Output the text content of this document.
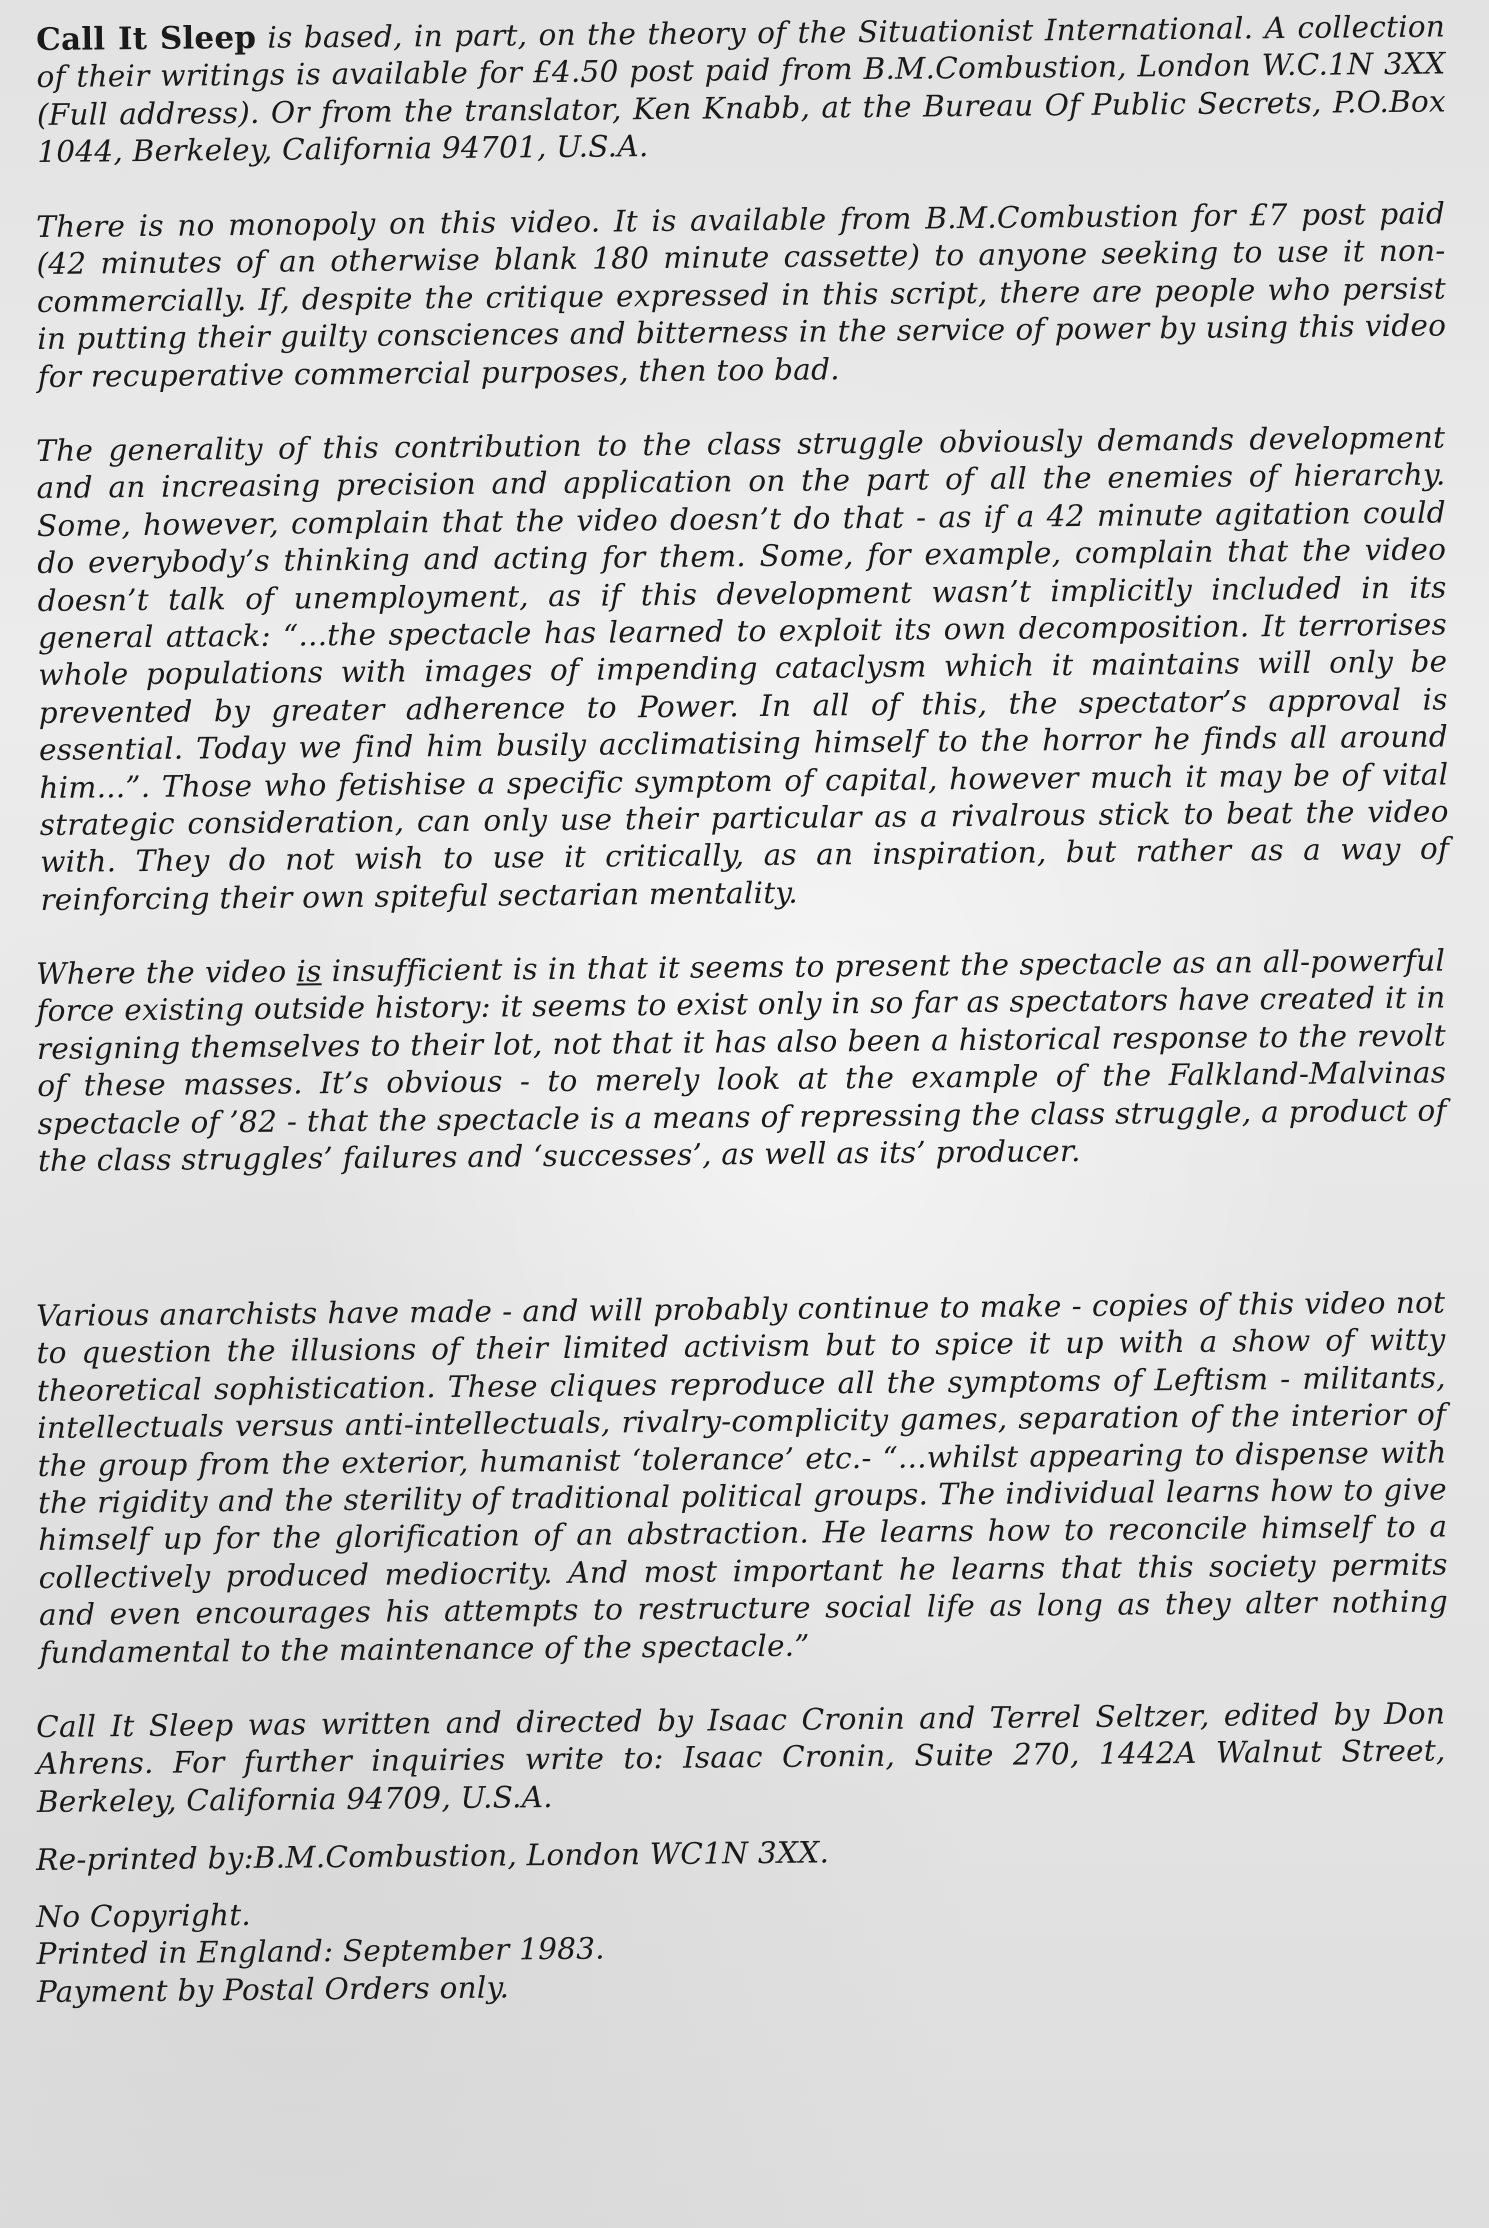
Call It Sleep is based, in part, on the theory of the Situationist International. A collection of their writings is available for £4.50 post paid from B.M.Combustion, London W.C.1N 3XX (Full address). Or from the translator, Ken Knabb, at the Bureau Of Public Secrets, P.O.Box 1044, Berkeley, California 94701, U.S.A.

There is no monopoly on this video. It is available from B.M.Combustion for £7 post paid (42 minutes of an otherwise blank 180 minute cassette) to anyone seeking to use it non-commercially. If, despite the critique expressed in this script, there are people who persist in putting their guilty consciences and bitterness in the service of power by using this video for recuperative commercial purposes, then too bad.

The generality of this contribution to the class struggle obviously demands development and an increasing precision and application on the part of all the enemies of hierarchy. Some, however, complain that the video doesn’t do that - as if a 42 minute agitation could do everybody’s thinking and acting for them. Some, for example, complain that the video doesn’t talk of unemployment, as if this development wasn’t implicitly included in its general attack: “...the spectacle has learned to exploit its own decomposition. It terrorises whole populations with images of impending cataclysm which it maintains will only be prevented by greater adherence to Power. In all of this, the spectator’s approval is essential. Today we find him busily acclimatising himself to the horror he finds all around him...”. Those who fetishise a specific symptom of capital, however much it may be of vital strategic consideration, can only use their particular as a rivalrous stick to beat the video with. They do not wish to use it critically, as an inspiration, but rather as a way of reinforcing their own spiteful sectarian mentality.

Where the video is insufficient is in that it seems to present the spectacle as an all-powerful force existing outside history: it seems to exist only in so far as spectators have created it in resigning themselves to their lot, not that it has also been a historical response to the revolt of these masses. It’s obvious - to merely look at the example of the Falkland-Malvinas spectacle of ’82 - that the spectacle is a means of repressing the class struggle, a product of the class struggles’ failures and ‘successes’, as well as its’ producer.

Various anarchists have made - and will probably continue to make - copies of this video not to question the illusions of their limited activism but to spice it up with a show of witty theoretical sophistication. These cliques reproduce all the symptoms of Leftism - militants, intellectuals versus anti-intellectuals, rivalry-complicity games, separation of the interior of the group from the exterior, humanist ‘tolerance’ etc.- “...whilst appearing to dispense with the rigidity and the sterility of traditional political groups. The individual learns how to give himself up for the glorification of an abstraction. He learns how to reconcile himself to a collectively produced mediocrity. And most important he learns that this society permits and even encourages his attempts to restructure social life as long as they alter nothing fundamental to the maintenance of the spectacle.”

Call It Sleep was written and directed by Isaac Cronin and Terrel Seltzer, edited by Don Ahrens. For further inquiries write to: Isaac Cronin, Suite 270, 1442A Walnut Street, Berkeley, California 94709, U.S.A.

Re-printed by:B.M.Combustion, London WC1N 3XX.

No Copyright.
Printed in England: September 1983.
Payment by Postal Orders only.
